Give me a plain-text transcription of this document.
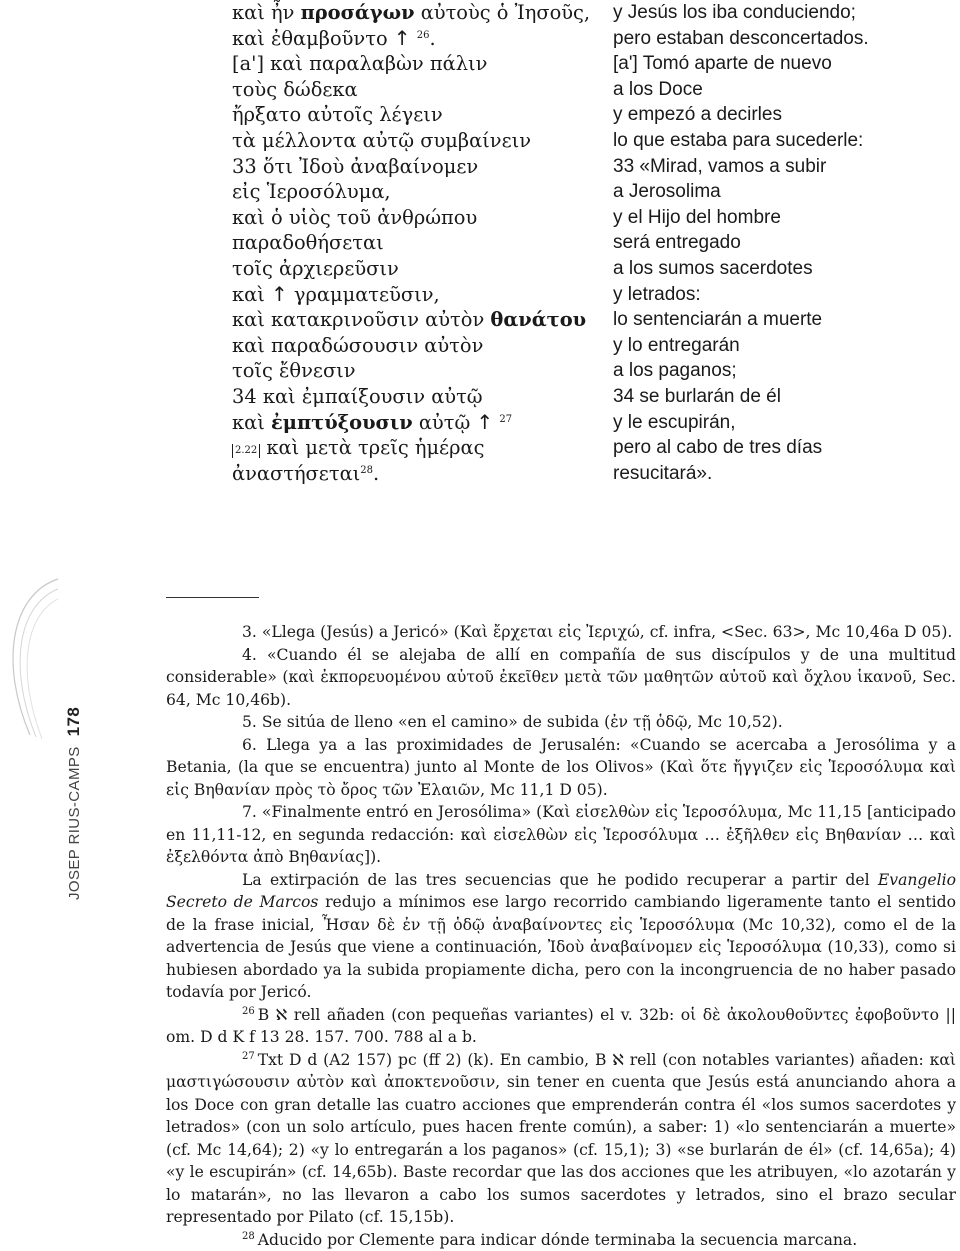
καὶ ἦν προσάγων αὐτοὺς ὁ Ἰησοῦς,
καὶ ἐθαμβοῦντο ↑ $^{26}$.
[a'] καὶ παραλαβὼν πάλιν
τοὺς δώδεκα
ἤρξατο αὐτοῖς λέγειν
τὰ μέλλοντα αὐτῷ συμβαίνειν
33 ὅτι Ἰδοὺ ἀναβαίνομεν
εἰς Ἱεροσόλυμα,
καὶ ὁ υἱὸς τοῦ ἀνθρώπου
παραδοθήσεται
τοῖς ἀρχιερεῦσιν
καὶ ↑ γραμματεῦσιν,
καὶ κατακρινοῦσιν αὐτὸν θανάτου
καὶ παραδώσουσιν αὐτὸν
τοῖς ἔθνεσιν
34 καὶ ἐμπαίξουσιν αὐτῷ
καὶ ἐμπτύξουσιν αὐτῷ ↑ $^{27}$
2.22 καὶ μετὰ τρεῖς ἡμέρας
ἀναστήσεται$^{28}$.
y Jesús los iba conduciendo;
pero estaban desconcertados.
[a'] Tomó aparte de nuevo
a los Doce
y empezó a decirles
lo que estaba para sucederle:
33 «Mirad, vamos a subir
a Jerosolima
y el Hijo del hombre
será entregado
a los sumos sacerdotes
y letrados:
lo sentenciarán a muerte
y lo entregarán
a los paganos;
34 se burlarán de él
y le escupirán,
pero al cabo de tres días
resucitará».
JOSEP RIUS-CAMPS178

3. «Llega (Jesús) a Jericó» (Καὶ ἔρχεται εἰς Ἰεριχώ, cf. infra, <Sec. 63>, Mc 10,46a D 05).

4. «Cuando él se alejaba de allí en compañía de sus discípulos y de una multitud considerable» (καὶ ἐκπορευομένου αὐτοῦ ἐκεῖθεν μετὰ τῶν μαθητῶν αὐτοῦ καὶ ὄχλου ἱκανοῦ, Sec. 64, Mc 10,46b).

5. Se sitúa de lleno «en el camino» de subida (ἐν τῇ ὁδῷ, Mc 10,52).

6. Llega ya a las proximidades de Jerusalén: «Cuando se acercaba a Jerosólima y a Betania, (la que se encuentra) junto al Monte de los Olivos» (Καὶ ὅτε ἤγγιζεν εἰς Ἱεροσόλυμα καὶ εἰς Βηθανίαν πρὸς τὸ ὄρος τῶν Ἐλαιῶν, Mc 11,1 D 05).

7. «Finalmente entró en Jerosólima» (Καὶ εἰσελθὼν εἰς Ἱεροσόλυμα, Mc 11,15 [anticipado en 11,11-12, en segunda redacción: καὶ εἰσελθὼν εἰς Ἱεροσόλυμα … ἐξῆλθεν εἰς Βηθανίαν … καὶ ἐξελθόντα ἀπὸ Βηθανίας]).

La extirpación de las tres secuencias que he podido recuperar a partir del Evangelio Secreto de Marcos redujo a mínimos ese largo recorrido cambiando ligeramente tanto el sentido de la frase inicial, Ἦσαν δὲ ἐν τῇ ὁδῷ ἀναβαίνοντες εἰς Ἱεροσόλυμα (Mc 10,32), como el de la advertencia de Jesús que viene a continuación, Ἰδοὺ ἀναβαίνομεν εἰς Ἱεροσόλυμα (10,33), como si hubiesen abordado ya la subida propiamente dicha, pero con la incongruencia de no haber pasado todavía por Jericó.

$^{26}$ B ℵ rell añaden (con pequeñas variantes) el v. 32b: οἱ δὲ ἀκολουθοῦντες ἐφοβοῦντο || om. D d K f 13 28. 157. 700. 788 al a b.

$^{27}$ Txt D d (A2 157) pc (ff 2) (k). En cambio, B ℵ rell (con notables variantes) añaden: καὶ μαστιγώσουσιν αὐτὸν καὶ ἀποκτενοῦσιν, sin tener en cuenta que Jesús está anunciando ahora a los Doce con gran detalle las cuatro acciones que emprenderán contra él «los sumos sacerdotes y letrados» (con un solo artículo, pues hacen frente común), a saber: 1) «lo sentenciarán a muerte» (cf. Mc 14,64); 2) «y lo entregarán a los paganos» (cf. 15,1); 3) «se burlarán de él» (cf. 14,65a); 4) «y le escupirán» (cf. 14,65b). Baste recordar que las dos acciones que les atribuyen, «lo azotarán y lo matarán», no las llevaron a cabo los sumos sacerdotes y letrados, sino el brazo secular representado por Pilato (cf. 15,15b).

$^{28}$ Aducido por Clemente para indicar dónde terminaba la secuencia marcana.
